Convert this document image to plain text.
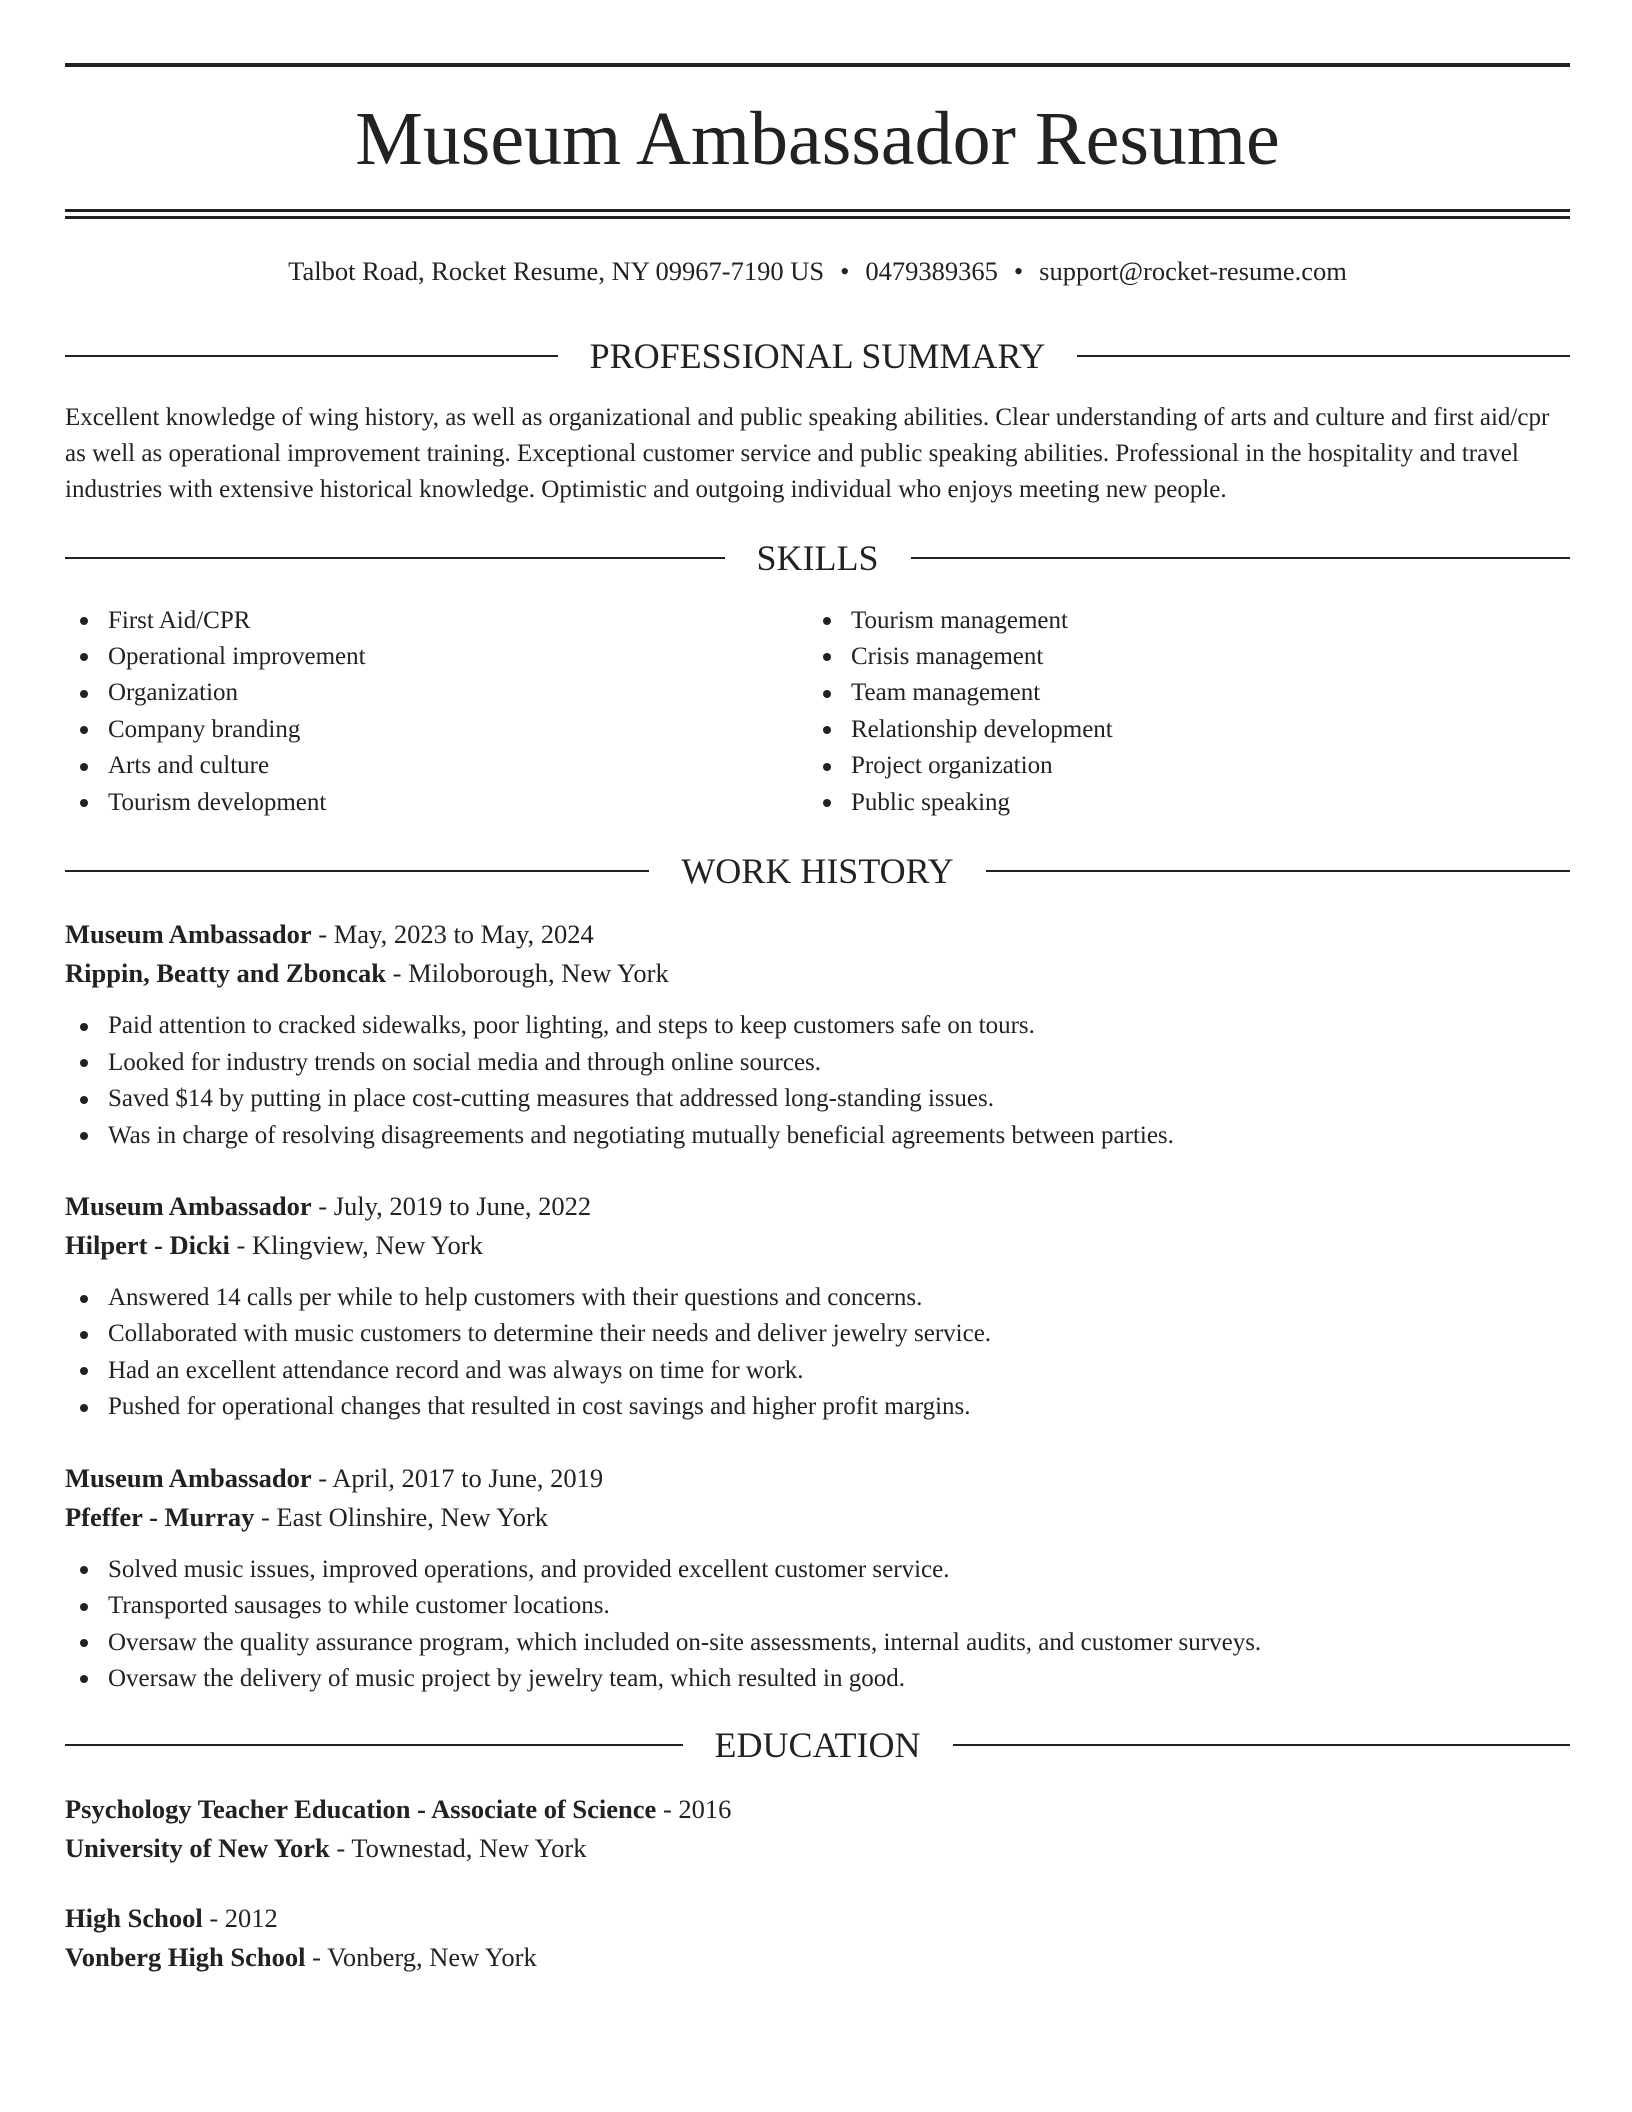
Museum Ambassador Resume
Talbot Road, Rocket Resume, NY 09967-7190 US • 0479389365 • support@rocket-resume.com
PROFESSIONAL SUMMARY

Excellent knowledge of wing history, as well as organizational and public speaking abilities. Clear understanding of arts and culture and first aid/cpr as well as operational improvement training. Exceptional customer service and public speaking abilities. Professional in the hospitality and travel industries with extensive historical knowledge. Optimistic and outgoing individual who enjoys meeting new people.

SKILLS
First Aid/CPR
Operational improvement
Organization
Company branding
Arts and culture
Tourism development
Tourism management
Crisis management
Team management
Relationship development
Project organization
Public speaking
WORK HISTORY
Museum Ambassador - May, 2023 to May, 2024
Rippin, Beatty and Zboncak - Miloborough, New York
Paid attention to cracked sidewalks, poor lighting, and steps to keep customers safe on tours.
Looked for industry trends on social media and through online sources.
Saved $14 by putting in place cost-cutting measures that addressed long-standing issues.
Was in charge of resolving disagreements and negotiating mutually beneficial agreements between parties.
Museum Ambassador - July, 2019 to June, 2022
Hilpert - Dicki - Klingview, New York
Answered 14 calls per while to help customers with their questions and concerns.
Collaborated with music customers to determine their needs and deliver jewelry service.
Had an excellent attendance record and was always on time for work.
Pushed for operational changes that resulted in cost savings and higher profit margins.
Museum Ambassador - April, 2017 to June, 2019
Pfeffer - Murray - East Olinshire, New York
Solved music issues, improved operations, and provided excellent customer service.
Transported sausages to while customer locations.
Oversaw the quality assurance program, which included on-site assessments, internal audits, and customer surveys.
Oversaw the delivery of music project by jewelry team, which resulted in good.
EDUCATION
Psychology Teacher Education - Associate of Science - 2016
University of New York - Townestad, New York
High School - 2012
Vonberg High School - Vonberg, New York
